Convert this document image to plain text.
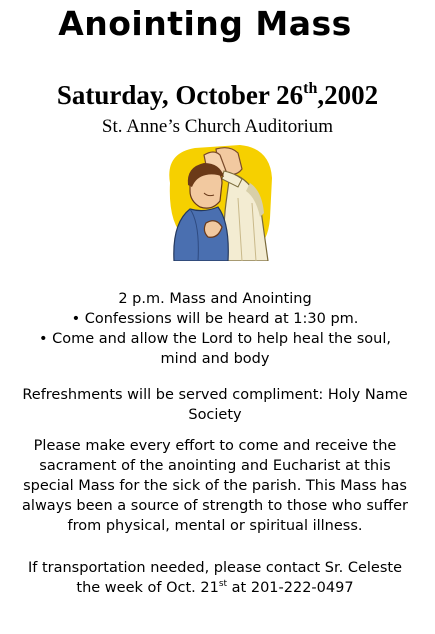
Anointing Mass
Saturday, October 26th,2002
St. Anne’s Church Auditorium
2 p.m. Mass and Anointing
• Confessions will be heard at 1:30 pm.
• Come and allow the Lord to help heal the soul,
mind and body
Refreshments will be served compliment: Holy Name
Society
Please make every effort to come and receive the
sacrament of the anointing and Eucharist at this
special Mass for the sick of the parish. This Mass has
always been a source of strength to those who suffer
from physical, mental or spiritual illness.
If transportation needed, please contact Sr. Celeste
the week of Oct. 21st at 201-222-0497
